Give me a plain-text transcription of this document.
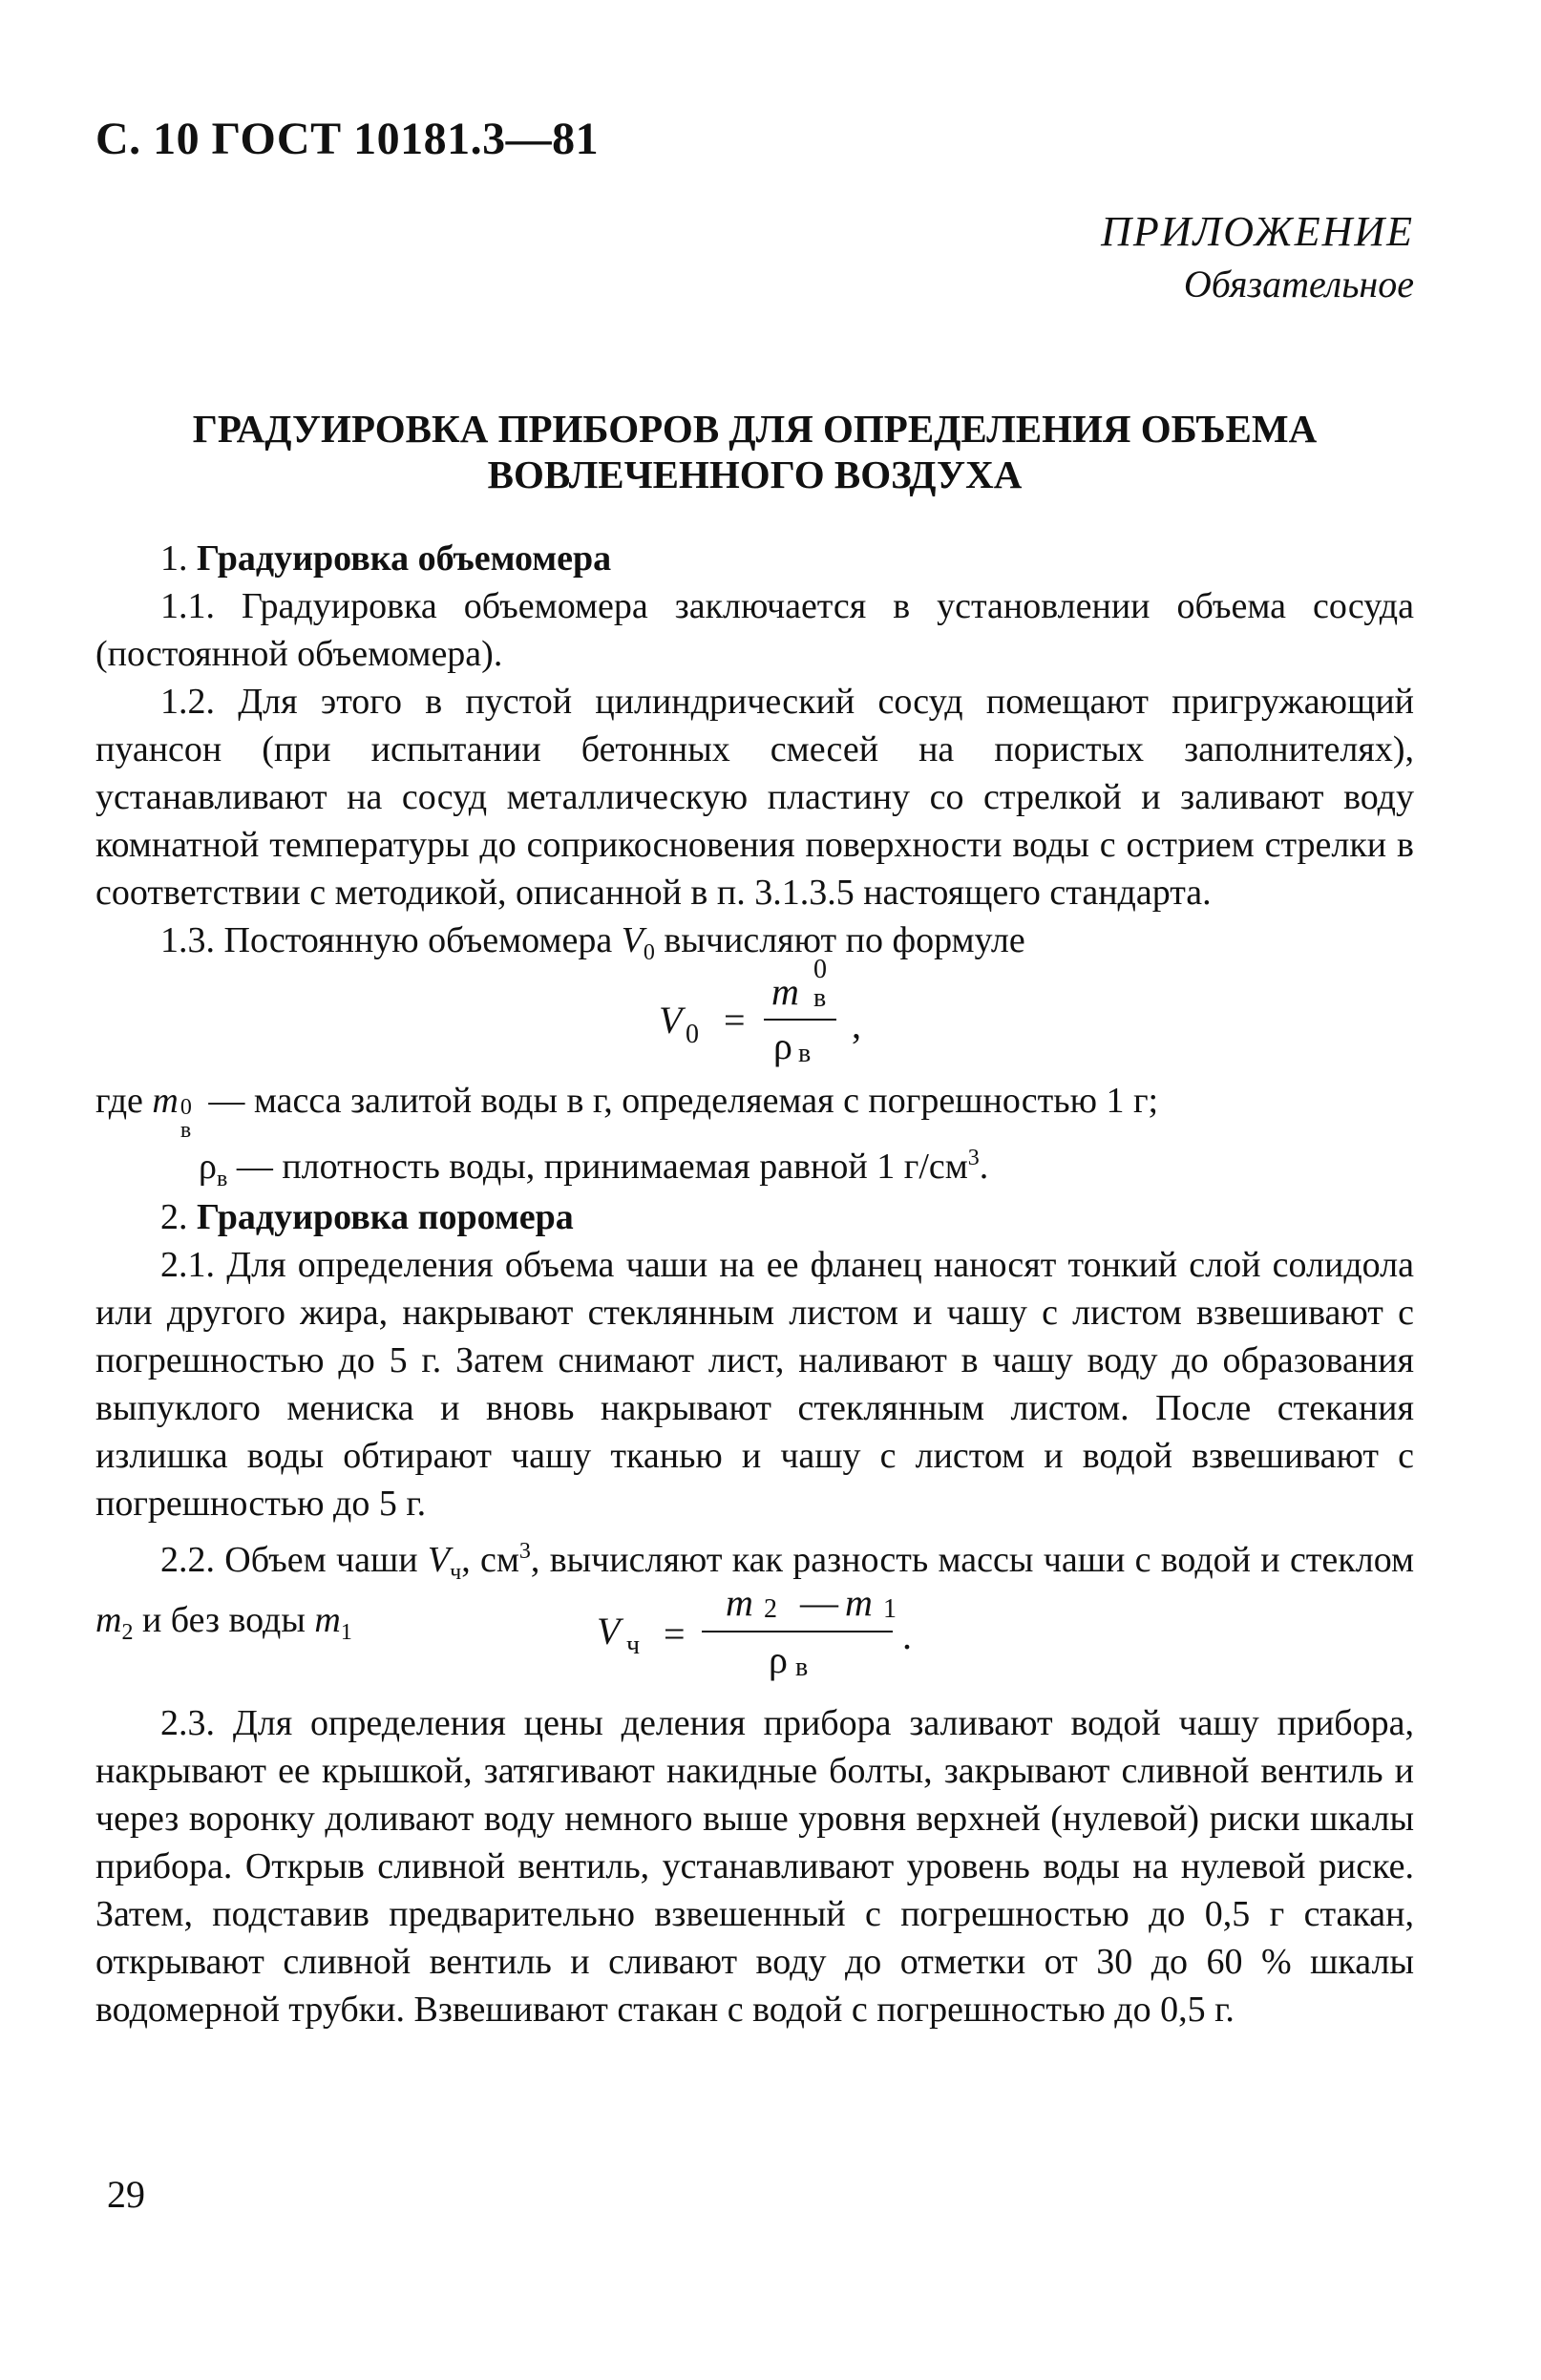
С. 10 ГОСТ 10181.3—81
ПРИЛОЖЕНИЕ
Обязательное
ГРАДУИРОВКА ПРИБОРОВ ДЛЯ ОПРЕДЕЛЕНИЯ ОБЪЕМА
ВОВЛЕЧЕННОГО ВОЗДУХА

1. Градуировка объемомера

1.1. Градуировка объемомера заключается в установлении объема сосуда (постоянной объемомера).

1.2. Для этого в пустой цилиндрический сосуд помещают пригружающий пуансон (при испытании бетонных смесей на пористых заполнителях), устанавливают на сосуд металлическую пластину со стрелкой и заливают воду комнатной температуры до соприкосновения поверхности воды с острием стрелки в соответствии с методикой, описанной в п. 3.1.3.5 настоящего стандарта.

1.3. Постоянную объемомера $V_0$ вычисляют по формуле

V 0 =
m
0
в
ρ в
,
где m 0
в
— масса залитой воды в г, определяемая с погрешностью 1 г;
$\rho_в$ — плотность воды, принимаемая равной 1 $г/см^3$.

2. Градуировка поромера

2.1. Для определения объема чаши на ее фланец наносят тонкий слой солидола или другого жира, накрывают стеклянным листом и чашу с листом взвешивают с погрешностью до 5 г. Затем снимают лист, наливают в чашу воду до образования выпуклого мениска и вновь накрывают стеклянным листом. После стекания излишка воды обтирают чашу тканью и чашу с листом и водой взвешивают с погрешностью до 5 г.

2.2. Объем чаши $V_ч$, $см^3$, вычисляют как разность массы чаши с водой и стеклом $m_2$ и без воды $m_1$	V ч =
m 2 — m 1
ρ в
.

2.3. Для определения цены деления прибора заливают водой чашу прибора, накрывают ее крышкой, затягивают накидные болты, закрывают сливной вентиль и через воронку доливают воду немного выше уровня верхней (нулевой) риски шкалы прибора. Открыв сливной вентиль, устанавливают уровень воды на нулевой риске. Затем, подставив предварительно взвешенный с погрешностью до 0,5 г стакан, открывают сливной вентиль и сливают воду до отметки от 30 до 60 % шкалы водомерной трубки. Взвешивают стакан с водой с погрешностью до 0,5 г.

29
